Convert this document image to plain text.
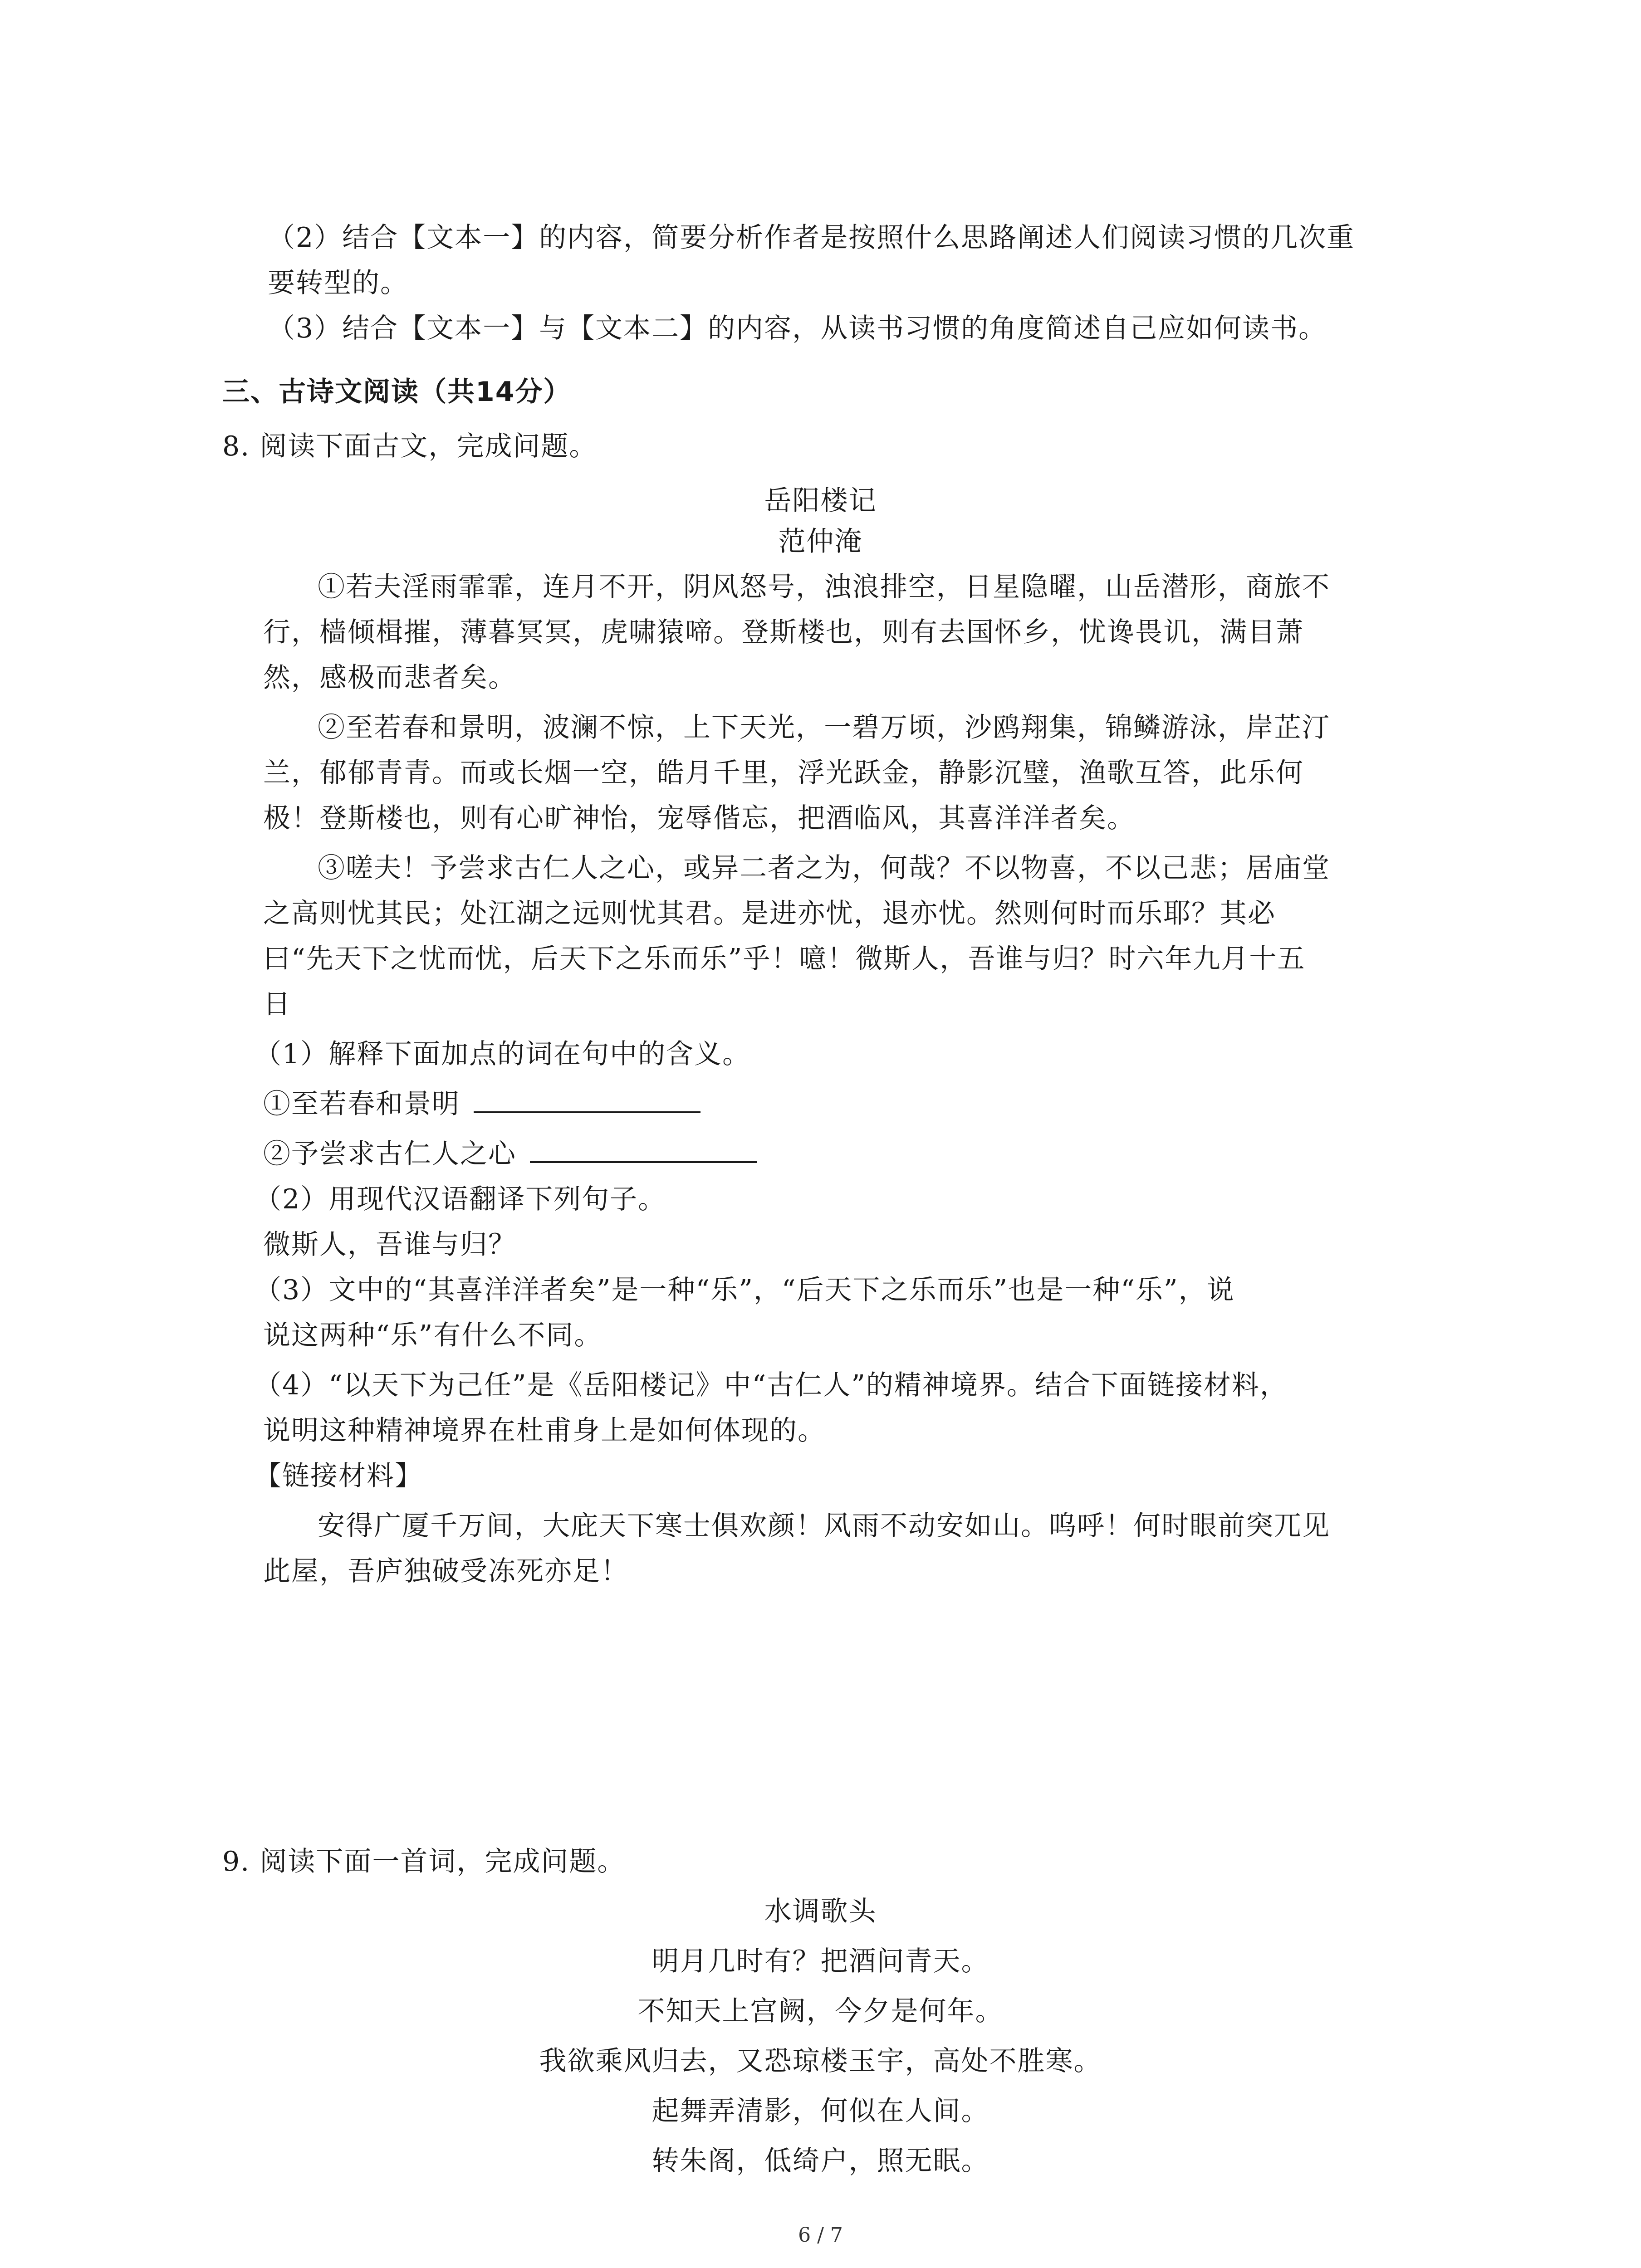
（2）结合【文本一】的内容，简要分析作者是按照什么思路阐述人们阅读习惯的几次重
要转型的。
（3）结合【文本一】与【文本二】的内容，从读书习惯的角度简述自己应如何读书。
三、古诗文阅读（共14分）
8. 阅读下面古文，完成问题。
岳阳楼记
范仲淹
①若夫淫雨霏霏，连月不开，阴风怒号，浊浪排空，日星隐曜，山岳潜形，商旅不
行，樯倾楫摧，薄暮冥冥，虎啸猿啼。登斯楼也，则有去国怀乡，忧谗畏讥，满目萧
然，感极而悲者矣。
②至若春和景明，波澜不惊，上下天光，一碧万顷，沙鸥翔集，锦鳞游泳，岸芷汀
兰，郁郁青青。而或长烟一空，皓月千里，浮光跃金，静影沉璧，渔歌互答，此乐何
极！登斯楼也，则有心旷神怡，宠辱偕忘，把酒临风，其喜洋洋者矣。
③嗟夫！予尝求古仁人之心，或异二者之为，何哉？不以物喜，不以己悲；居庙堂
之高则忧其民；处江湖之远则忧其君。是进亦忧，退亦忧。然则何时而乐耶？其必
曰“先天下之忧而忧，后天下之乐而乐”乎！噫！微斯人，吾谁与归？时六年九月十五
日
（1）解释下面加点的词在句中的含义。
①至若春和景明
②予尝求古仁人之心
（2）用现代汉语翻译下列句子。
微斯人，吾谁与归？
（3）文中的“其喜洋洋者矣”是一种“乐”，“后天下之乐而乐”也是一种“乐”，说
说这两种“乐”有什么不同。
（4）“以天下为己任”是《岳阳楼记》中“古仁人”的精神境界。结合下面链接材料，
说明这种精神境界在杜甫身上是如何体现的。
【链接材料】
安得广厦千万间，大庇天下寒士俱欢颜！风雨不动安如山。呜呼！何时眼前突兀见
此屋，吾庐独破受冻死亦足！
9. 阅读下面一首词，完成问题。
水调歌头
明月几时有？把酒问青天。
不知天上宫阙，今夕是何年。
我欲乘风归去，又恐琼楼玉宇，高处不胜寒。
起舞弄清影，何似在人间。
转朱阁，低绮户，照无眠。
6 / 7
